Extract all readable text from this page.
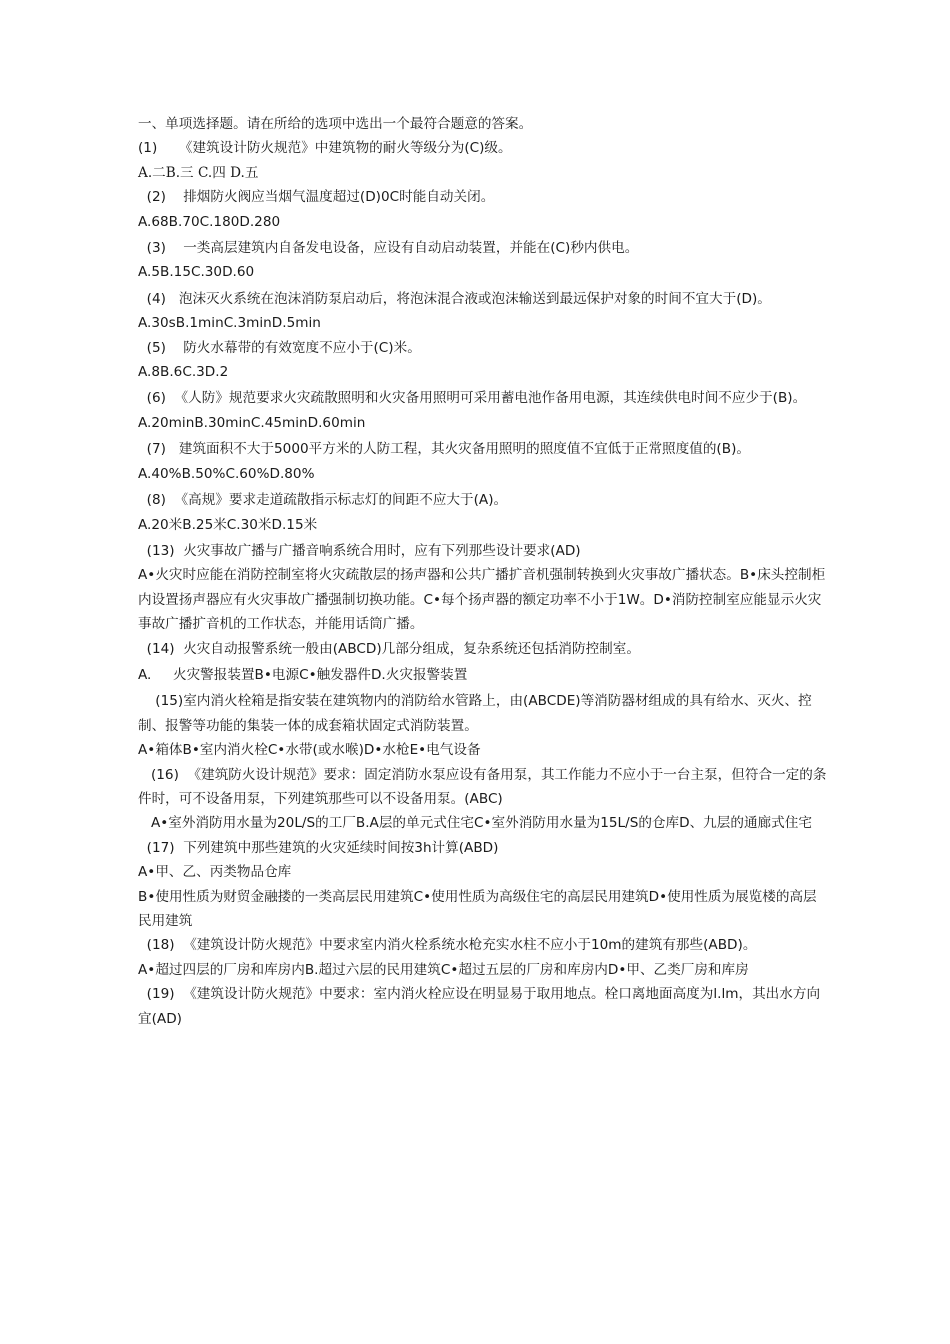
一、单项选择题。请在所给的选项中选出一个最符合题意的答案。
(1)     《建筑设计防火规范》中建筑物的耐火等级分为(C)级。
A.二B.三 C.四 D.五
(2)    排烟防火阀应当烟气温度超过(D)0C时能自动关闭。
A.68B.70C.180D.280
(3)    一类高层建筑内自备发电设备，应设有自动启动装置，并能在(C)秒内供电。
A.5B.15C.30D.60
(4)   泡沫灭火系统在泡沫消防泵启动后，将泡沫混合液或泡沫输送到最远保护对象的时间不宜大于(D)。
A.30sB.1minC.3minD.5min
(5)    防火水幕带的有效宽度不应小于(C)米。
A.8B.6C.3D.2
(6)  《人防》规范要求火灾疏散照明和火灾备用照明可采用蓄电池作备用电源，其连续供电时间不应少于(B)。
A.20minB.30minC.45minD.60min
(7)   建筑面积不大于5000平方米的人防工程，其火灾备用照明的照度值不宜低于正常照度值的(B)。
A.40%B.50%C.60%D.80%
(8)  《高规》要求走道疏散指示标志灯的间距不应大于(A)。
A.20米B.25米C.30米D.15米
(13)  火灾事故广播与广播音响系统合用时，应有下列那些设计要求(AD)
A•火灾时应能在消防控制室将火灾疏散层的扬声器和公共广播扩音机强制转换到火灾事故广播状态。B•床头控制柜内设置扬声器应有火灾事故广播强制切换功能。C•每个扬声器的额定功率不小于1W。D•消防控制室应能显示火灾事故广播扩音机的工作状态，并能用话筒广播。
(14)  火灾自动报警系统一般由(ABCD)几部分组成，复杂系统还包括消防控制室。
A.     火灾警报装置B•电源C•触发器件D.火灾报警装置
(15)室内消火栓箱是指安装在建筑物内的消防给水管路上，由(ABCDE)等消防器材组成的具有给水、灭火、控制、报警等功能的集装一体的成套箱状固定式消防装置。
A•箱体B•室内消火栓C•水带(或水喉)D•水枪E•电气设备
(16)  《建筑防火设计规范》要求：固定消防水泵应设有备用泵，其工作能力不应小于一台主泵，但符合一定的条件时，可不设备用泵，下列建筑那些可以不设备用泵。(ABC)
A•室外消防用水量为20L/S的工厂B.A层的单元式住宅C•室外消防用水量为15L/S的仓库D、九层的通廊式住宅
(17)  下列建筑中那些建筑的火灾延续时间按3h计算(ABD)
A•甲、乙、丙类物品仓库
B•使用性质为财贸金融搂的一类高层民用建筑C•使用性质为高级住宅的高层民用建筑D•使用性质为展览楼的高层民用建筑
(18)  《建筑设计防火规范》中要求室内消火栓系统水枪充实水柱不应小于10m的建筑有那些(ABD)。
A•超过四层的厂房和库房内B.超过六层的民用建筑C•超过五层的厂房和库房内D•甲、乙类厂房和库房
(19)  《建筑设计防火规范》中要求：室内消火栓应设在明显易于取用地点。栓口离地面高度为l.lm，其出水方向宜(AD)
